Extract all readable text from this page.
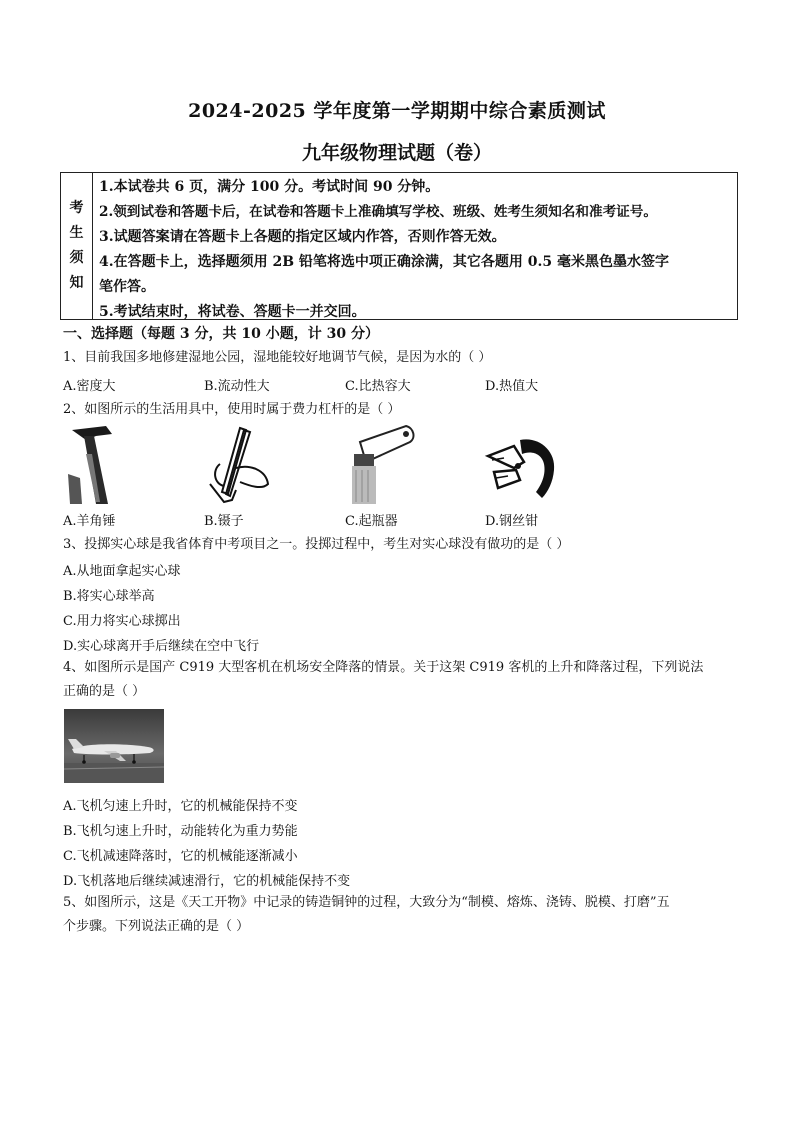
2024-2025 学年度第一学期期中综合素质测试
九年级物理试题（卷）
考
生
须
知
1.本试卷共 6 页，满分 100 分。考试时间 90 分钟。
2.领到试卷和答题卡后，在试卷和答题卡上准确填写学校、班级、姓考生须知名和准考证号。
3.试题答案请在答题卡上各题的指定区域内作答，否则作答无效。
4.在答题卡上，选择题须用 2B 铅笔将选中项正确涂满，其它各题用 0.5 毫米黑色墨水签字
笔作答。
5.考试结束时，将试卷、答题卡一并交回。
一、选择题（每题 3 分，共 10 小题，计 30 分）
1、目前我国多地修建湿地公园，湿地能较好地调节气候，是因为水的（ ）
A.密度大	B.流动性大	C.比热容大	D.热值大
2、如图所示的生活用具中，使用时属于费力杠杆的是（ ）
A.羊角锤	B.镊子	C.起瓶器	D.钢丝钳
3、投掷实心球是我省体育中考项目之一。投掷过程中，考生对实心球没有做功的是（ ）
A.从地面拿起实心球
B.将实心球举高
C.用力将实心球掷出
D.实心球离开手后继续在空中飞行
4、如图所示是国产 C919 大型客机在机场安全降落的情景。关于这架 C919 客机的上升和降落过程，下列说法
正确的是（ ）
A.飞机匀速上升时，它的机械能保持不变
B.飞机匀速上升时，动能转化为重力势能
C.飞机减速降落时，它的机械能逐渐减小
D.飞机落地后继续减速滑行，它的机械能保持不变
5、如图所示，这是《天工开物》中记录的铸造铜钟的过程，大致分为“制模、熔炼、浇铸、脱模、打磨”五
个步骤。下列说法正确的是（ ）
